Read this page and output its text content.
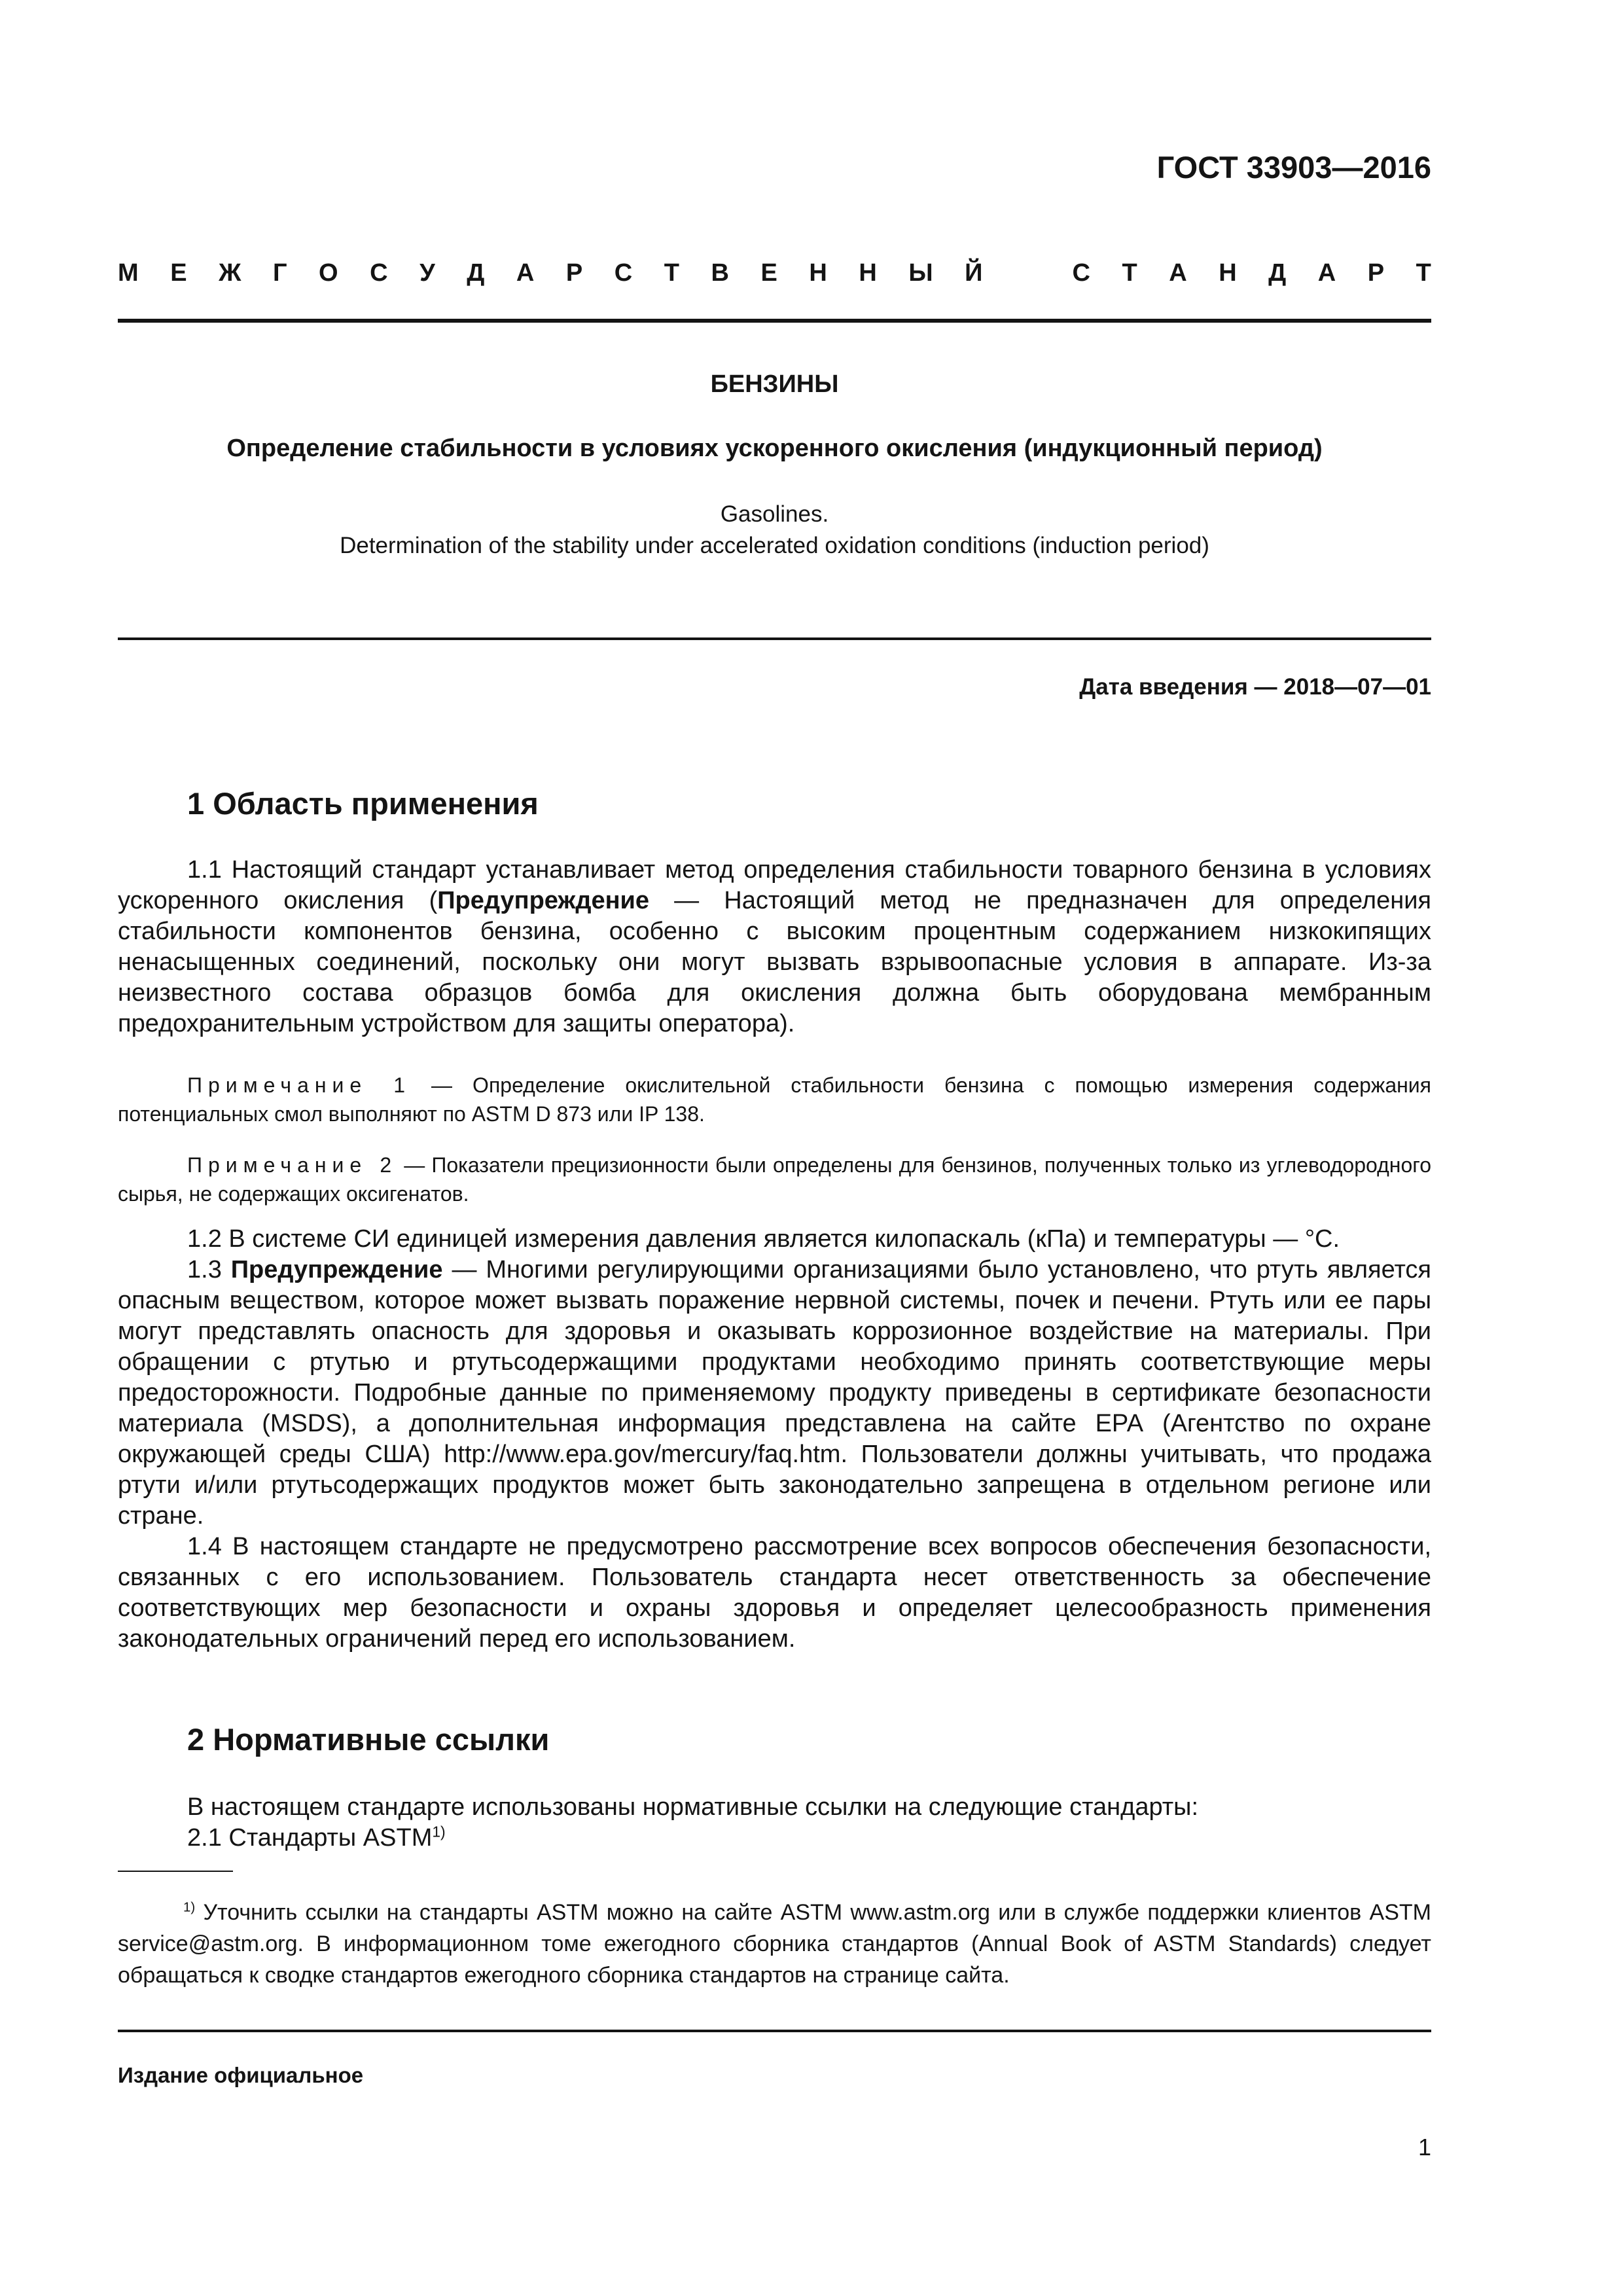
ГОСТ 33903—2016
М Е Ж Г О С У Д А Р С Т В Е Н Н Ы Й	С Т А Н Д А Р Т
БЕНЗИНЫ
Определение стабильности в условиях ускоренного окисления (индукционный период)
Gasolines.
Determination of the stability under accelerated oxidation conditions (induction period)
Дата введения — 2018—07—01
1 Область применения

1.1 Настоящий стандарт устанавливает метод определения стабильности товарного бензина в условиях ускоренного окисления (Предупреждение — Настоящий метод не предназначен для определения стабильности компонентов бензина, особенно с высоким процентным содержанием низкокипящих ненасыщенных соединений, поскольку они могут вызвать взрывоопасные условия в аппарате. Из-за неизвестного состава образцов бомба для окисления должна быть оборудована мембранным предохранительным устройством для защиты оператора).

Примечание 1 — Определение окислительной стабильности бензина с помощью измерения содержания потенциальных смол выполняют по ASTM D 873 или IP 138.

Примечание 2 — Показатели прецизионности были определены для бензинов, полученных только из углеводородного сырья, не содержащих оксигенатов.

1.2 В системе СИ единицей измерения давления является килопаскаль (кПа) и температуры — °С.

1.3 Предупреждение — Многими регулирующими организациями было установлено, что ртуть является опасным веществом, которое может вызвать поражение нервной системы, почек и печени. Ртуть или ее пары могут представлять опасность для здоровья и оказывать коррозионное воздействие на материалы. При обращении с ртутью и ртутьсодержащими продуктами необходимо принять соответствующие меры предосторожности. Подробные данные по применяемому продукту приведены в сертификате безопасности материала (MSDS), а дополнительная информация представлена на сайте ЕРА (Агентство по охране окружающей среды США) http://www.epa.gov/mercury/faq.htm. Пользователи должны учитывать, что продажа ртути и/или ртутьсодержащих продуктов может быть законодательно запрещена в отдельном регионе или стране.

1.4 В настоящем стандарте не предусмотрено рассмотрение всех вопросов обеспечения безопасности, связанных с его использованием. Пользователь стандарта несет ответственность за обеспечение соответствующих мер безопасности и охраны здоровья и определяет целесообразность применения законодательных ограничений перед его использованием.

2 Нормативные ссылки

В настоящем стандарте использованы нормативные ссылки на следующие стандарты:

2.1 Стандарты ASTM$^{1)}$

$^{1)}$ Уточнить ссылки на стандарты ASTM можно на сайте ASTM www.astm.org или в службе поддержки клиентов ASTM service@astm.org. В информационном томе ежегодного сборника стандартов (Annual Book of ASTM Standards) следует обращаться к сводке стандартов ежегодного сборника стандартов на странице сайта.

Издание официальное
1
